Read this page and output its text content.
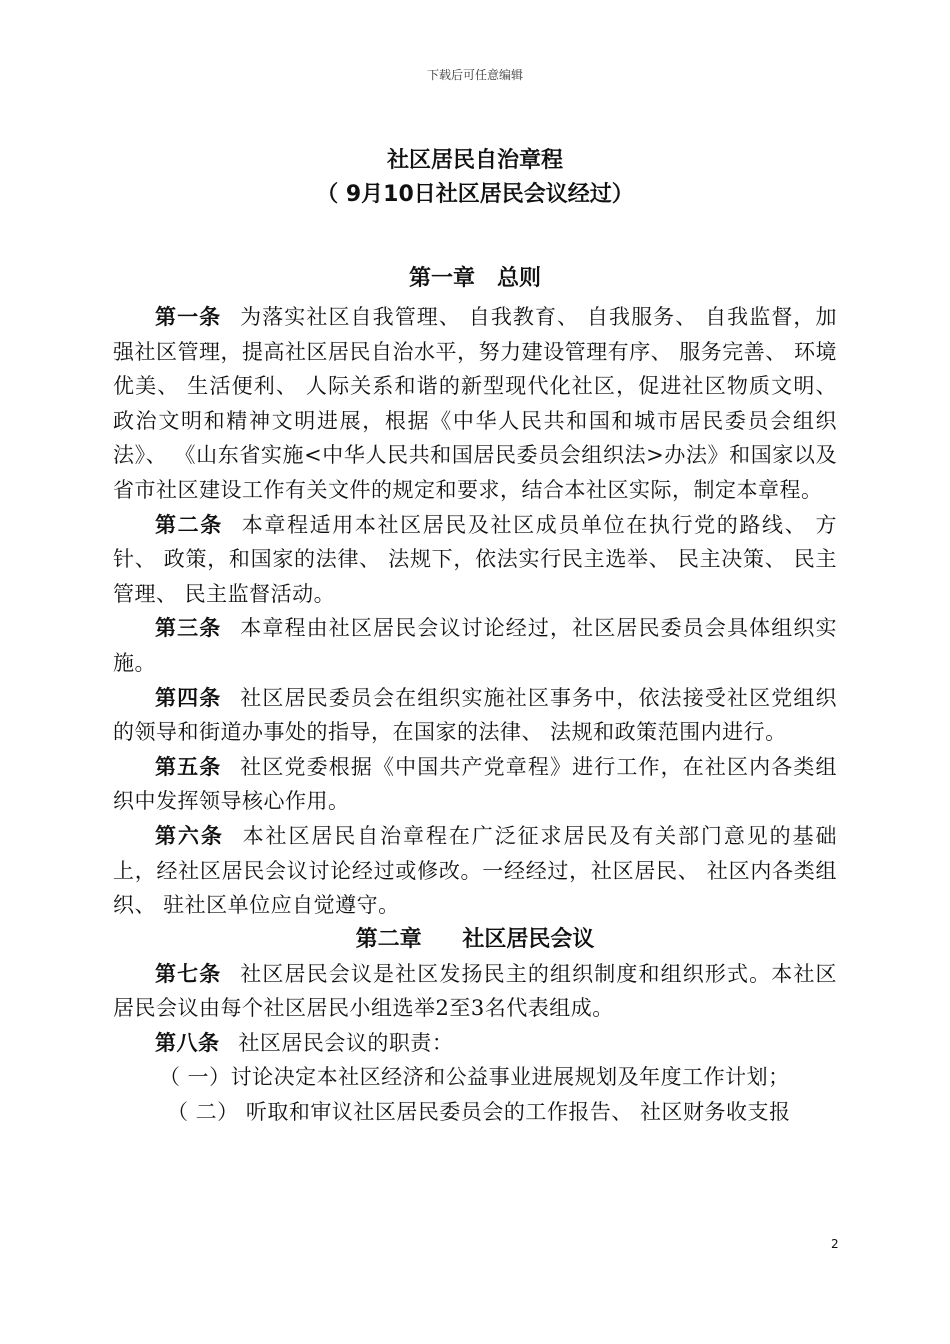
下载后可任意编辑
社区居民自治章程
（ 9月10日社区居民会议经过）
第一章　总则

第一条 为落实社区自我管理、 自我教育、 自我服务、 自我监督，加强社区管理，提高社区居民自治水平，努力建设管理有序、 服务完善、 环境优美、 生活便利、 人际关系和谐的新型现代化社区，促进社区物质文明、 政治文明和精神文明进展，根据《中华人民共和国和城市居民委员会组织法》、 《山东省实施<中华人民共和国居民委员会组织法>办法》和国家以及省市社区建设工作有关文件的规定和要求，结合本社区实际，制定本章程。

第二条 本章程适用本社区居民及社区成员单位在执行党的路线、 方针、 政策，和国家的法律、 法规下，依法实行民主选举、 民主决策、 民主管理、 民主监督活动。

第三条 本章程由社区居民会议讨论经过，社区居民委员会具体组织实施。

第四条 社区居民委员会在组织实施社区事务中，依法接受社区党组织的领导和街道办事处的指导，在国家的法律、 法规和政策范围内进行。

第五条 社区党委根据《中国共产党章程》进行工作，在社区内各类组织中发挥领导核心作用。

第六条 本社区居民自治章程在广泛征求居民及有关部门意见的基础上，经社区居民会议讨论经过或修改。一经经过，社区居民、 社区内各类组织、 驻社区单位应自觉遵守。

第二章　 社区居民会议

第七条 社区居民会议是社区发扬民主的组织制度和组织形式。本社区居民会议由每个社区居民小组选举2至3名代表组成。

第八条 社区居民会议的职责：

（ 一）讨论决定本社区经济和公益事业进展规划及年度工作计划；

（ 二） 听取和审议社区居民委员会的工作报告、 社区财务收支报

2
